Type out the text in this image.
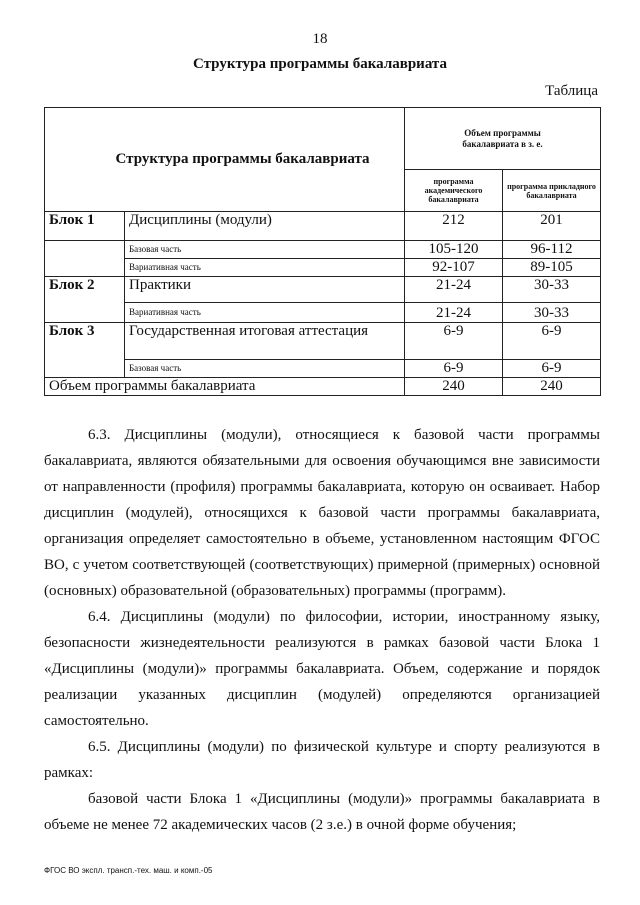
18
Структура программы бакалавриата
Таблица
Структура программы бакалавриата		Объем программы бакалавриата в з. е.	
		программа академического бакалавриата	программа прикладного бакалавриата
Блок 1	Дисциплины (модули)	212	201
	Базовая часть	105-120	96-112
	Вариативная часть	92-107	89-105
Блок 2	Практики	21-24	30-33
	Вариативная часть	21-24	30-33
Блок 3	Государственная итоговая аттестация	6-9	6-9
	Базовая часть	6-9	6-9
Объем программы бакалавриата		240	240
6.3. Дисциплины (модули), относящиеся к базовой части программы бакалавриата, являются обязательными для освоения обучающимся вне зависимости от направленности (профиля) программы бакалавриата, которую он осваивает. Набор дисциплин (модулей), относящихся к базовой части программы бакалавриата, организация определяет самостоятельно в объеме, установленном настоящим ФГОС ВО, с учетом соответствующей (соответствующих) примерной (примерных) основной (основных) образовательной (образовательных) программы (программ).
6.4. Дисциплины (модули) по философии, истории, иностранному языку, безопасности жизнедеятельности реализуются в рамках базовой части Блока 1 «Дисциплины (модули)» программы бакалавриата. Объем, содержание и порядок реализации указанных дисциплин (модулей) определяются организацией самостоятельно.
6.5. Дисциплины (модули) по физической культуре и спорту реализуются в рамках:
базовой части Блока 1 «Дисциплины (модули)» программы бакалавриата в объеме не менее 72 академических часов (2 з.е.) в очной форме обучения;
ФГОС ВО экспл. трансп.-тех. маш. и комп.-05
